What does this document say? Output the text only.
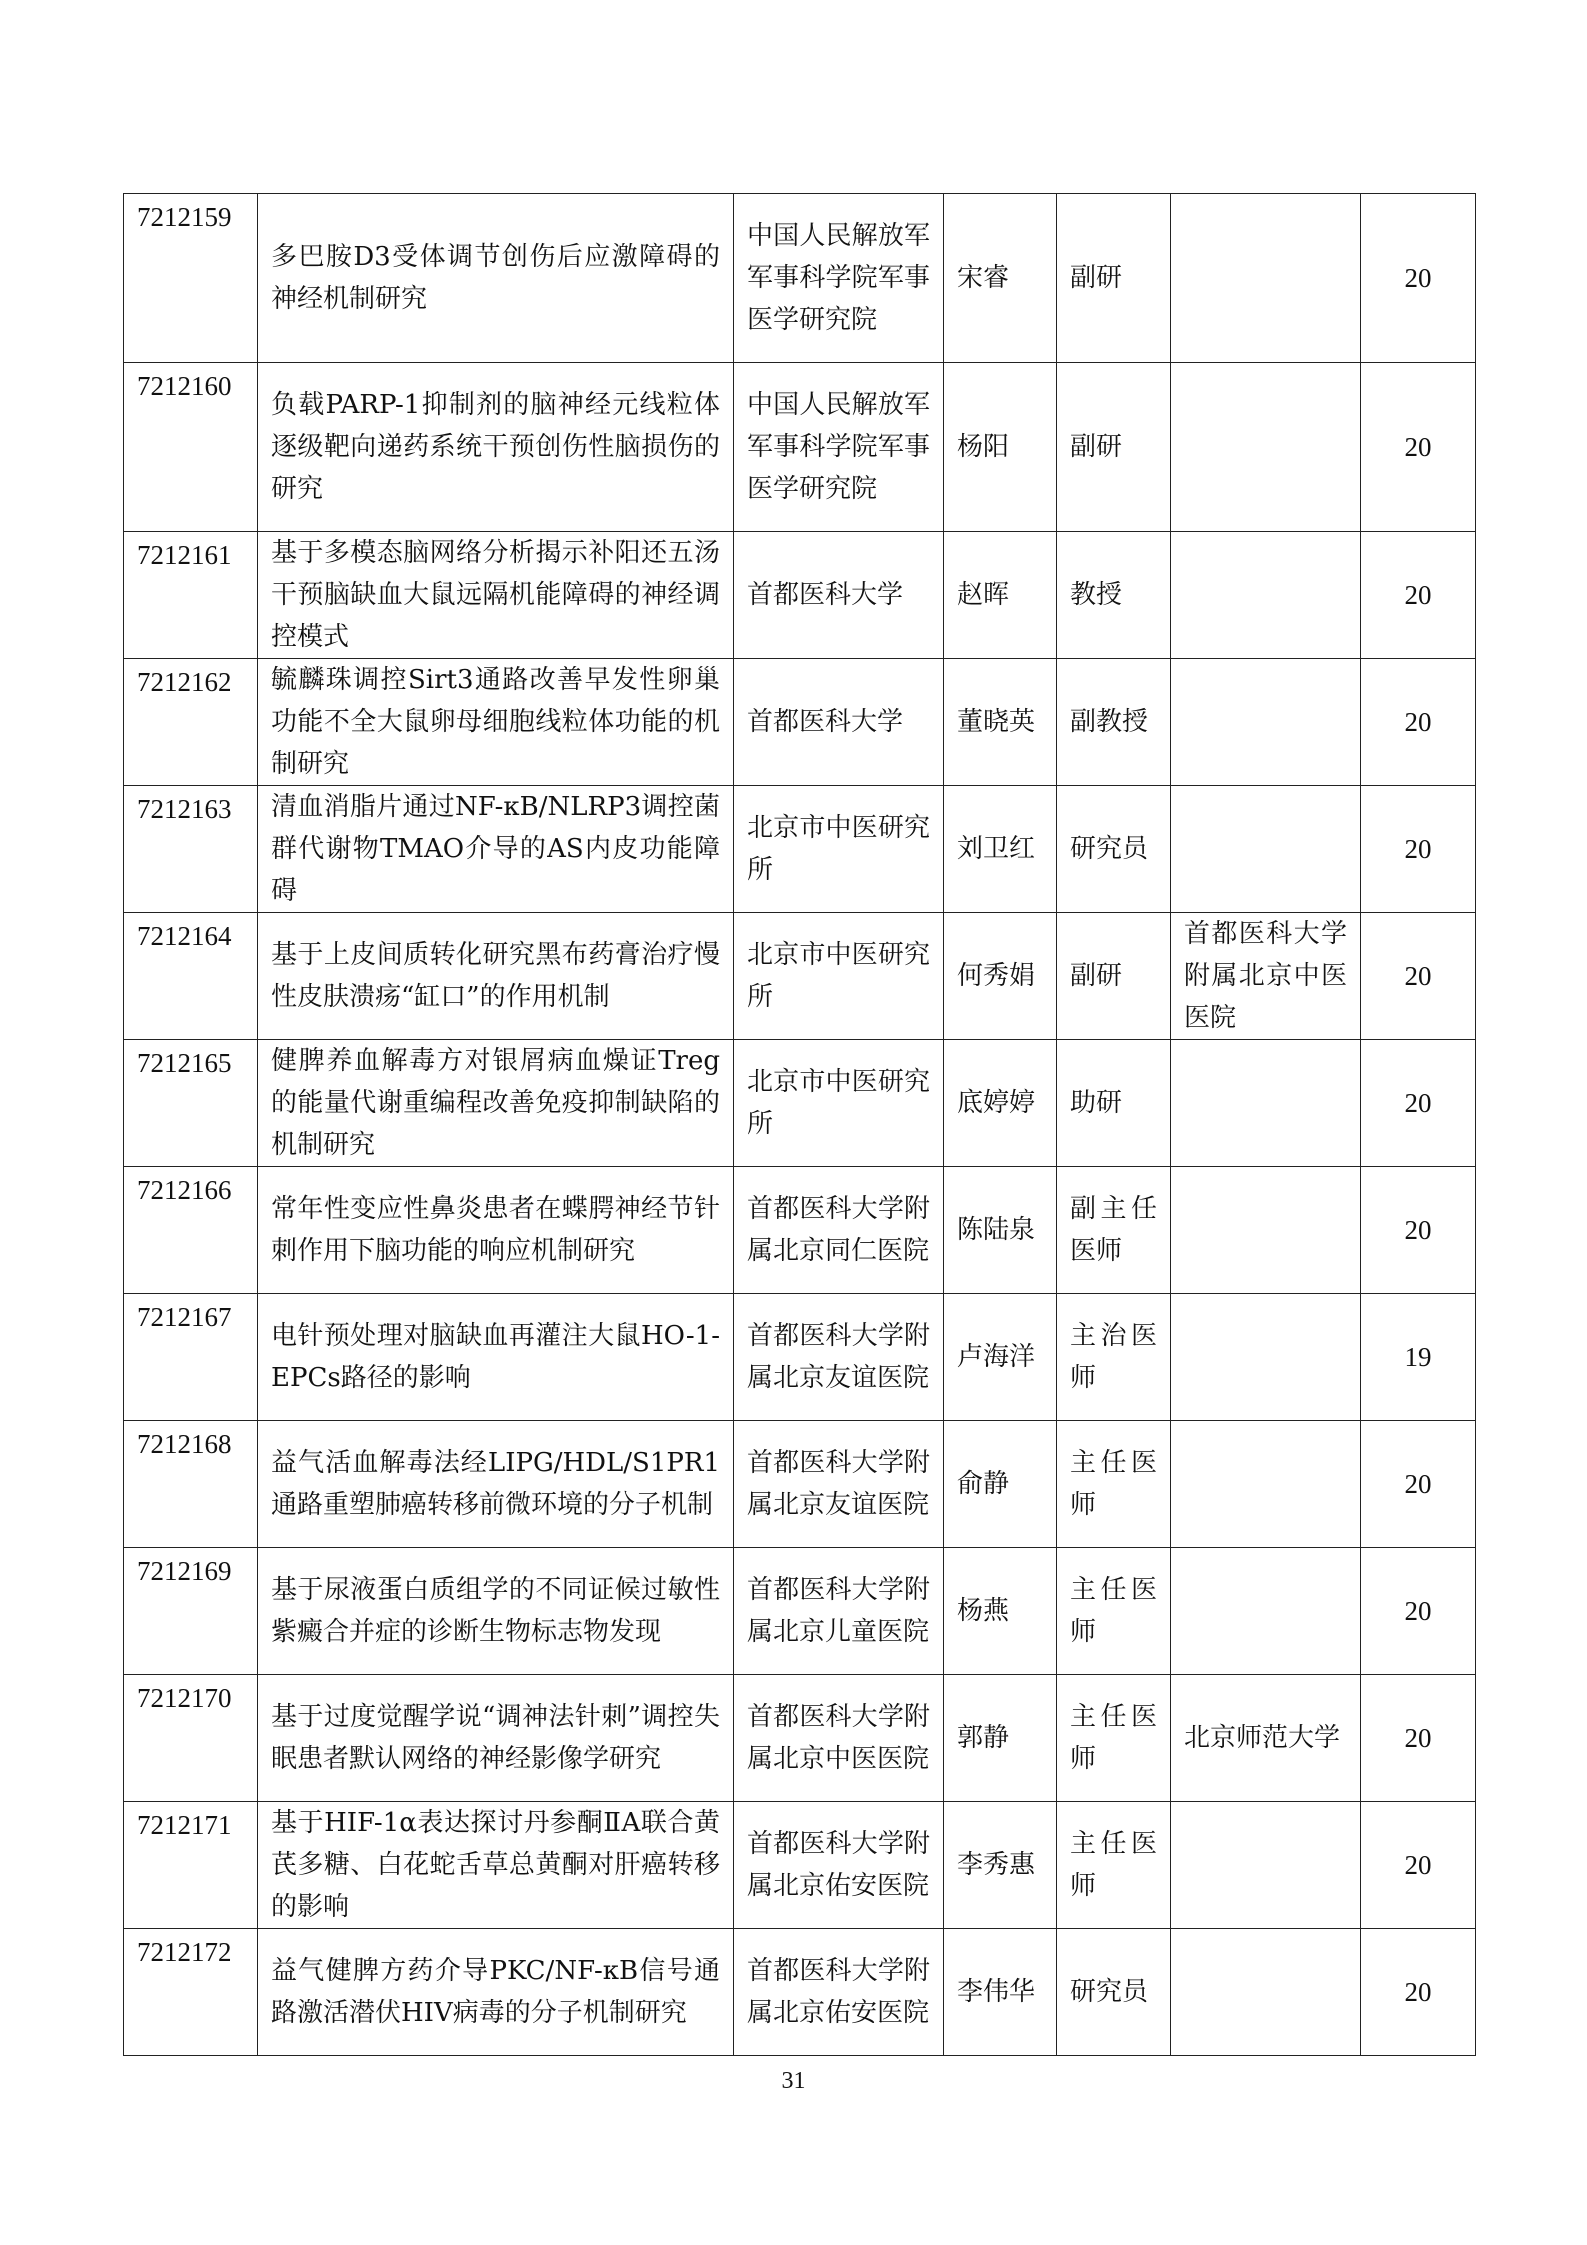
7212159	多巴胺D3受体调节创伤后应激障碍的神经机制研究	中国人民解放军军事科学院军事医学研究院	宋睿	副研		20
7212160	负载PARP-1抑制剂的脑神经元线粒体逐级靶向递药系统干预创伤性脑损伤的研究	中国人民解放军军事科学院军事医学研究院	杨阳	副研		20
7212161	基于多模态脑网络分析揭示补阳还五汤干预脑缺血大鼠远隔机能障碍的神经调控模式	首都医科大学	赵晖	教授		20
7212162	毓麟珠调控Sirt3通路改善早发性卵巢功能不全大鼠卵母细胞线粒体功能的机制研究	首都医科大学	董晓英	副教授		20
7212163	清血消脂片通过NF-κB/NLRP3调控菌群代谢物TMAO介导的AS内皮功能障碍	北京市中医研究所	刘卫红	研究员		20
7212164	基于上皮间质转化研究黑布药膏治疗慢性皮肤溃疡“缸口”的作用机制	北京市中医研究所	何秀娟	副研	首都医科大学附属北京中医医院	20
7212165	健脾养血解毒方对银屑病血燥证Treg的能量代谢重编程改善免疫抑制缺陷的机制研究	北京市中医研究所	底婷婷	助研		20
7212166	常年性变应性鼻炎患者在蝶腭神经节针刺作用下脑功能的响应机制研究	首都医科大学附属北京同仁医院	陈陆泉	副主任医师		20
7212167	电针预处理对脑缺血再灌注大鼠HO-1-EPCs路径的影响	首都医科大学附属北京友谊医院	卢海洋	主治医师		19
7212168	益气活血解毒法经LIPG/HDL/S1PR1通路重塑肺癌转移前微环境的分子机制	首都医科大学附属北京友谊医院	俞静	主任医师		20
7212169	基于尿液蛋白质组学的不同证候过敏性紫癜合并症的诊断生物标志物发现	首都医科大学附属北京儿童医院	杨燕	主任医师		20
7212170	基于过度觉醒学说“调神法针刺”调控失眠患者默认网络的神经影像学研究	首都医科大学附属北京中医医院	郭静	主任医师	北京师范大学	20
7212171	基于HIF-1α表达探讨丹参酮ⅡA联合黄芪多糖、白花蛇舌草总黄酮对肝癌转移的影响	首都医科大学附属北京佑安医院	李秀惠	主任医师		20
7212172	益气健脾方药介导PKC/NF-κB信号通路激活潜伏HIV病毒的分子机制研究	首都医科大学附属北京佑安医院	李伟华	研究员		20
31
